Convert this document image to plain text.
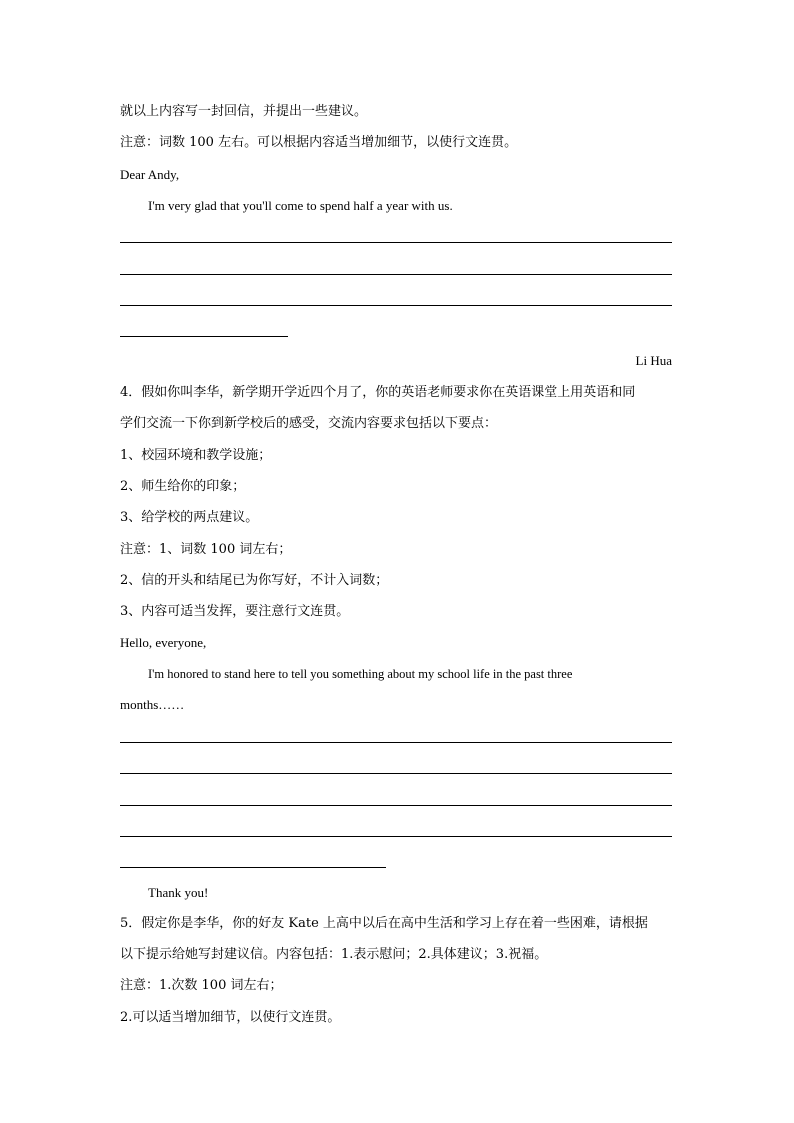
就以上内容写一封回信，并提出一些建议。
注意：词数 100 左右。可以根据内容适当增加细节，以使行文连贯。
Dear Andy,
I'm very glad that you'll come to spend half a year with us.
Li Hua
4．假如你叫李华，新学期开学近四个月了，你的英语老师要求你在英语课堂上用英语和同
学们交流一下你到新学校后的感受，交流内容要求包括以下要点：
1、校园环境和教学设施；
2、师生给你的印象；
3、给学校的两点建议。
注意：1、词数 100 词左右；
2、信的开头和结尾已为你写好，不计入词数；
3、内容可适当发挥，要注意行文连贯。
Hello, everyone,
I'm honored to stand here to tell you something about my school life in the past three
months……
Thank you!
5．假定你是李华，你的好友 Kate 上高中以后在高中生活和学习上存在着一些困难，请根据
以下提示给她写封建议信。内容包括：1.表示慰问；2.具体建议；3.祝福。
注意：1.次数 100 词左右；
2.可以适当增加细节，以使行文连贯。
